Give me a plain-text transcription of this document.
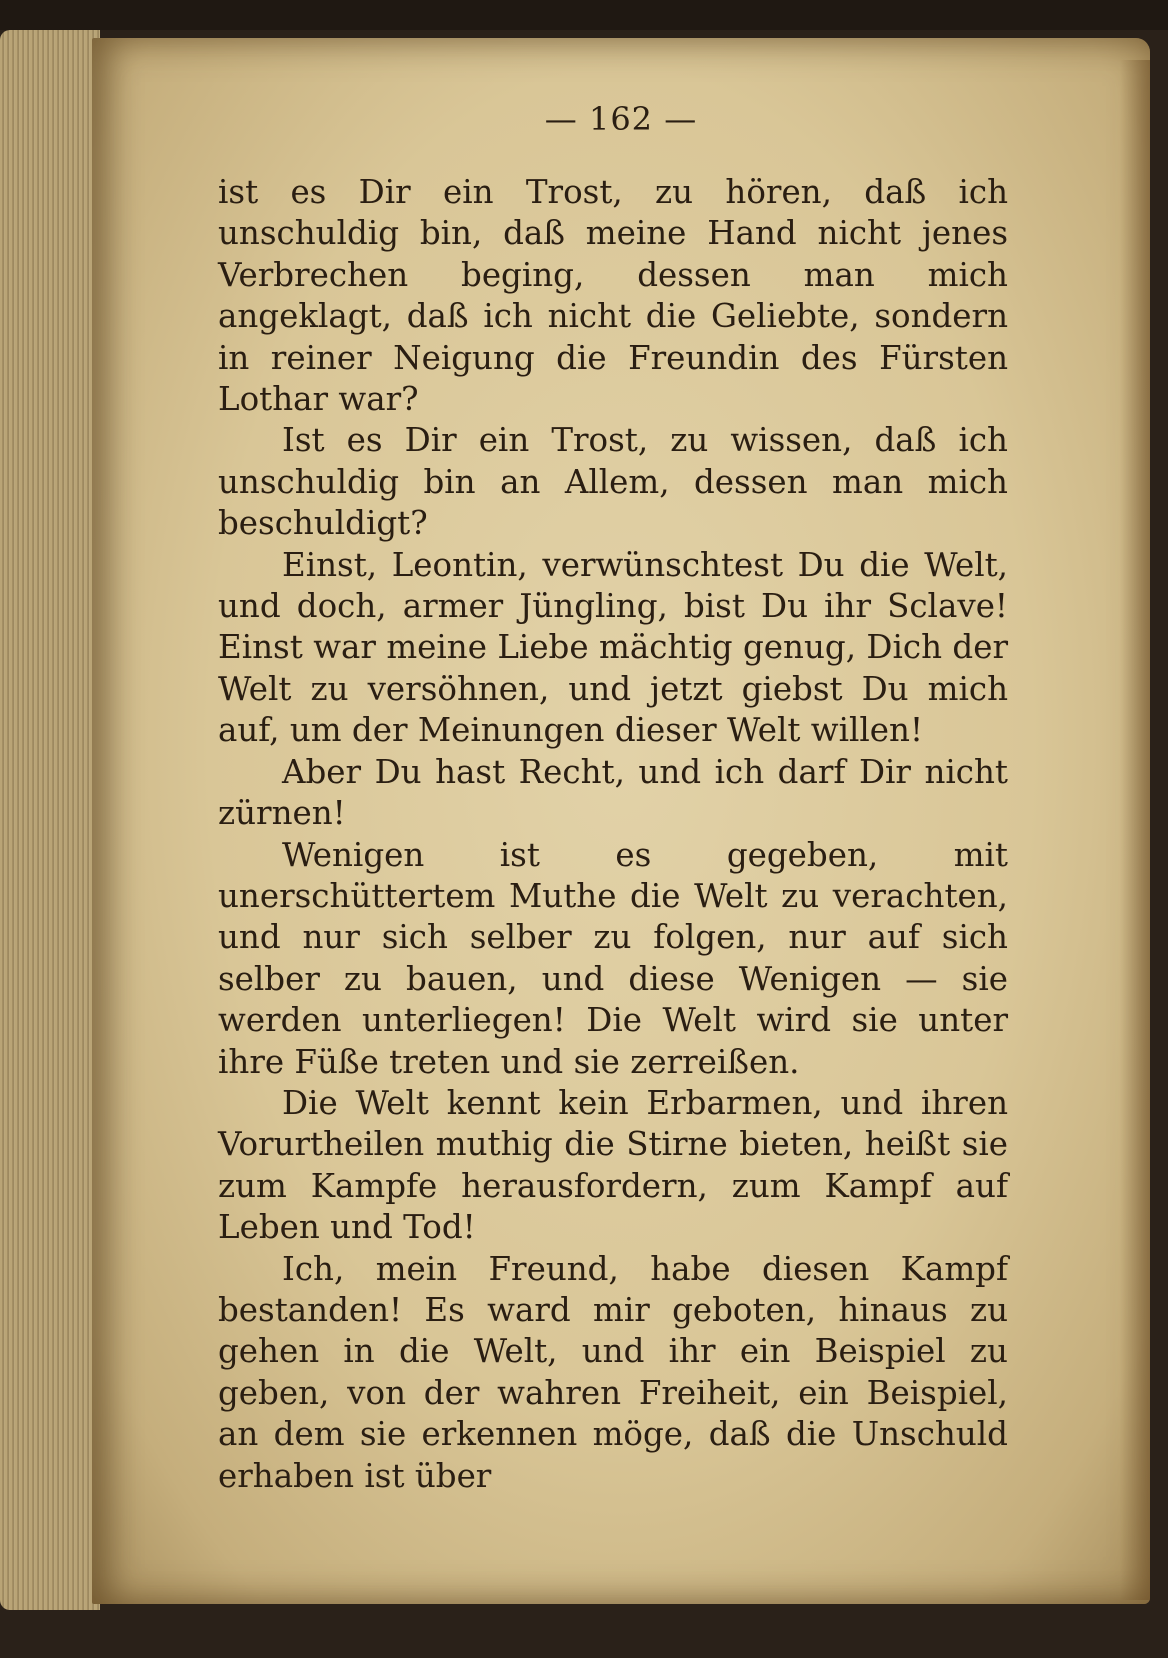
— 162 —

ist es Dir ein Trost, zu hören, daß ich unschuldig bin, daß meine Hand nicht jenes Verbrechen beging, dessen man mich angeklagt, daß ich nicht die Geliebte, sondern in reiner Neigung die Freundin des Fürsten Lothar war?

Ist es Dir ein Trost, zu wissen, daß ich unschuldig bin an Allem, dessen man mich beschuldigt?

Einst, Leontin, verwünschtest Du die Welt, und doch, armer Jüngling, bist Du ihr Sclave! Einst war meine Liebe mächtig genug, Dich der Welt zu versöhnen, und jetzt giebst Du mich auf, um der Meinungen dieser Welt willen!

Aber Du hast Recht, und ich darf Dir nicht zürnen!

Wenigen ist es gegeben, mit unerschüttertem Muthe die Welt zu verachten, und nur sich selber zu folgen, nur auf sich selber zu bauen, und diese Wenigen — sie werden unterliegen! Die Welt wird sie unter ihre Füße treten und sie zerreißen.

Die Welt kennt kein Erbarmen, und ihren Vorurtheilen muthig die Stirne bieten, heißt sie zum Kampfe herausfordern, zum Kampf auf Leben und Tod!

Ich, mein Freund, habe diesen Kampf bestanden! Es ward mir geboten, hinaus zu gehen in die Welt, und ihr ein Beispiel zu geben, von der wahren Freiheit, ein Beispiel, an dem sie erkennen möge, daß die Unschuld erhaben ist über
